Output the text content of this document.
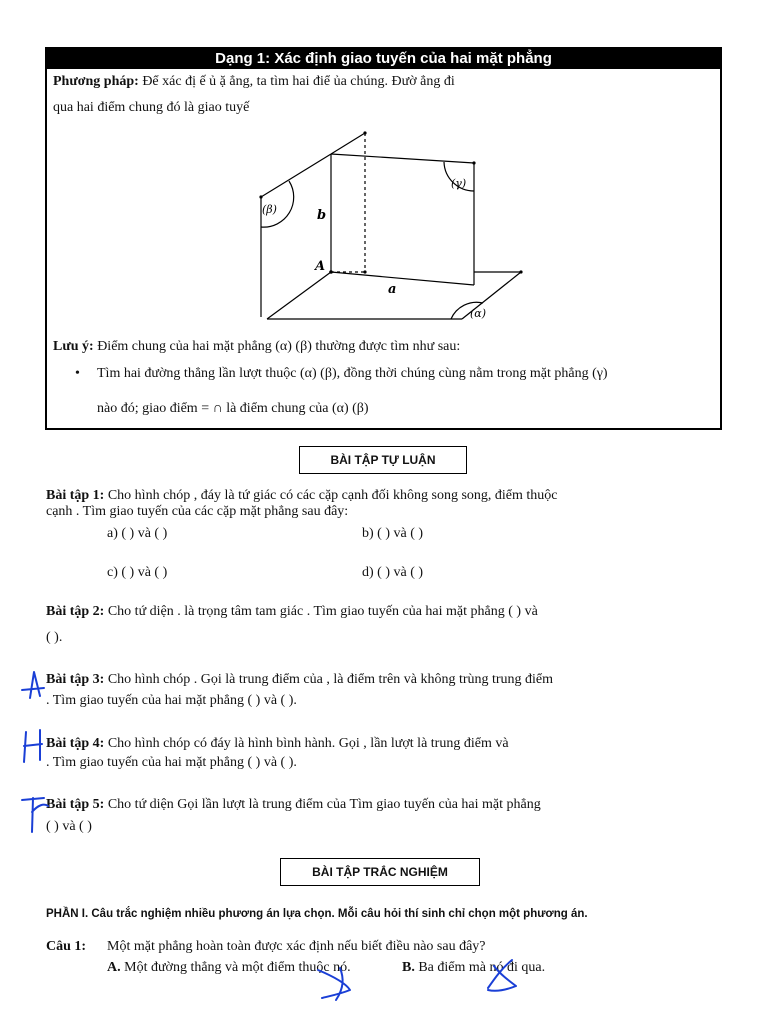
Dạng 1: Xác định giao tuyến của hai mặt phẳng
Phương pháp: Để xác đị ế ủ ặ ẳng, ta tìm hai điể ủa chúng. Đườ ẳng đi
qua hai điểm chung đó là giao tuyế
(β)
(γ)
(α)
b
A
a
Lưu ý: Điểm chung của hai mặt phẳng (α) (β) thường được tìm như sau:
• Tìm hai đường thẳng lần lượt thuộc (α) (β), đồng thời chúng cùng nằm trong mặt phẳng (γ)
nào đó; giao điểm = ∩ là điểm chung của (α) (β)
BÀI TẬP TỰ LUẬN
Bài tập 1: Cho hình chóp , đáy là tứ giác có các cặp cạnh đối không song song, điểm thuộc
cạnh . Tìm giao tuyến của các cặp mặt phẳng sau đây:
a) ( ) và ( )	b) ( ) và ( )
c) ( ) và ( )	d) ( ) và ( )
Bài tập 2: Cho tứ diện . là trọng tâm tam giác . Tìm giao tuyến của hai mặt phẳng ( ) và
( ).
Bài tập 3: Cho hình chóp . Gọi là trung điểm của , là điểm trên và không trùng trung điểm
. Tìm giao tuyến của hai mặt phẳng ( ) và ( ).
Bài tập 4: Cho hình chóp có đáy là hình bình hành. Gọi , lần lượt là trung điểm và
. Tìm giao tuyến của hai mặt phẳng ( ) và ( ).
Bài tập 5: Cho tứ diện Gọi lần lượt là trung điểm của Tìm giao tuyến của hai mặt phẳng
( ) và ( )
BÀI TẬP TRẮC NGHIỆM
PHẦN I. Câu trắc nghiệm nhiều phương án lựa chọn. Mỗi câu hỏi thí sinh chỉ chọn một phương án.
Câu 1: Một mặt phẳng hoàn toàn được xác định nếu biết điều nào sau đây?
A. Một đường thẳng và một điểm thuộc nó.	B. Ba điểm mà nó đi qua.
